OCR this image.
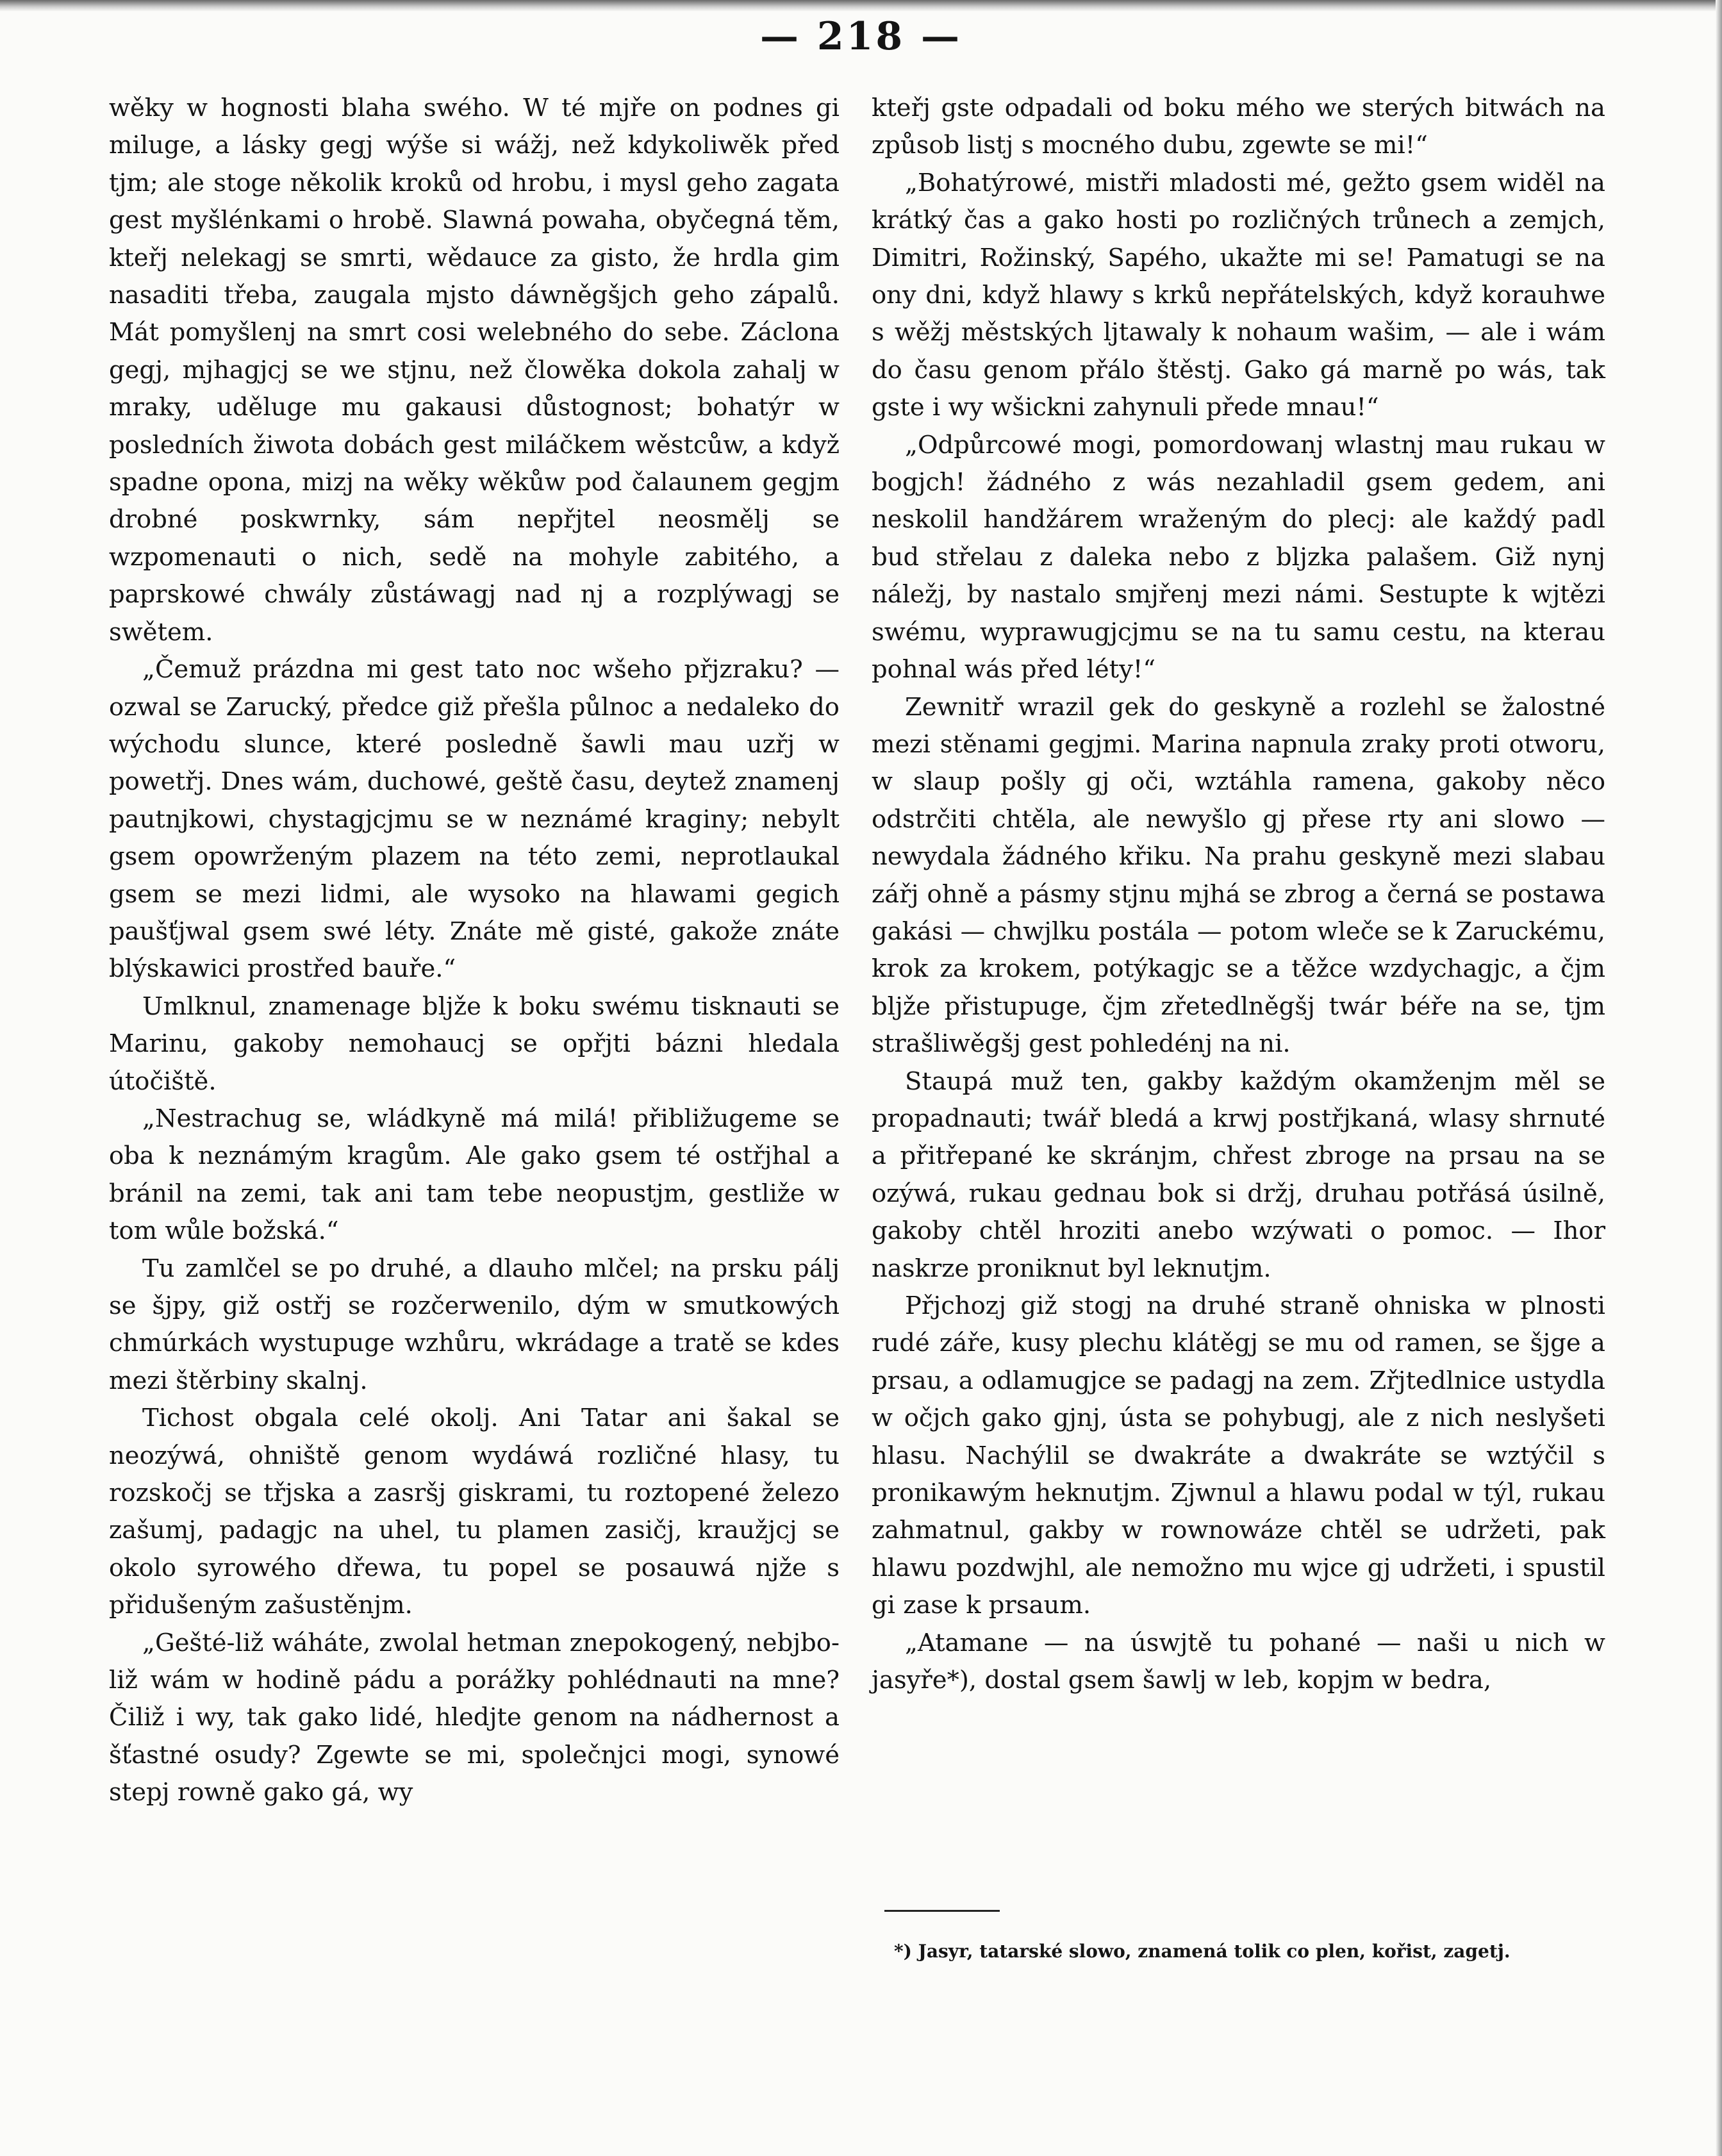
— 218 —

wěky w hognosti blaha swého. W té mjře on podnes gi miluge, a lásky gegj wýše si wážj, než kdykoliwěk před tjm; ale stoge několik kroků od hrobu, i mysl geho zagata gest myšlénkami o hrobě. Slawná powaha, obyčegná těm, kteřj nelekagj se smrti, wědauce za gisto, že hrdla gim nasaditi třeba, zaugala mjsto dáwněgšjch geho zápalů. Mát pomyšlenj na smrt cosi welebného do sebe. Záclona gegj, mjhagjcj se we stjnu, než člowěka dokola zahalj w mraky, uděluge mu gakausi důstognost; bohatýr w posledních žiwota dobách gest miláčkem wěstcůw, a když spadne opona, mizj na wěky wěkůw pod čalaunem gegjm drobné poskwrnky, sám nepřjtel neosmělj se wzpomenauti o nich, sedě na mohyle zabitého, a paprskowé chwály zůstáwagj nad nj a rozplýwagj se swětem.

„Čemuž prázdna mi gest tato noc wšeho přjzraku? — ozwal se Zarucký, předce giž přešla půlnoc a nedaleko do wýchodu slunce, které posledně šawli mau uzřj w powetřj. Dnes wám, duchowé, geště času, deytež znamenj pautnjkowi, chystagjcjmu se w neznámé kraginy; nebylt gsem opowrženým plazem na této zemi, neprotlaukal gsem se mezi lidmi, ale wysoko na hlawami gegich paušťjwal gsem swé léty. Znáte mě gisté, gakože znáte blýskawici prostřed bauře.“

Umlknul, znamenage bljže k boku swému tisknauti se Marinu, gakoby nemohaucj se opřjti bázni hledala útočiště.

„Nestrachug se, wládkyně má milá! přibližugeme se oba k neznámým kragům. Ale gako gsem té ostřjhal a bránil na zemi, tak ani tam tebe neopustjm, gestliže w tom wůle božská.“

Tu zamlčel se po druhé, a dlauho mlčel; na prsku pálj se šjpy, giž ostřj se rozčerwenilo, dým w smutkowých chmúrkách wystupuge wzhůru, wkrádage a tratě se kdes mezi štěrbiny skalnj.

Tichost obgala celé okolj. Ani Tatar ani šakal se neozýwá, ohniště genom wydáwá rozličné hlasy, tu rozskočj se třjska a zasršj giskrami, tu roztopené železo zašumj, padagjc na uhel, tu plamen zasičj, kraužjcj se okolo syrowého dřewa, tu popel se posauwá njže s přidušeným zašustěnjm.

„Gešté-liž wáháte, zwolal hetman znepokogený, nebjbo-liž wám w hodině pádu a porážky pohlédnauti na mne? Čiliž i wy, tak gako lidé, hledjte genom na nádhernost a šťastné osudy? Zgewte se mi, společnjci mogi, synowé stepj rowně gako gá, wy

kteřj gste odpadali od boku mého we sterých bitwách na způsob listj s mocného dubu, zgewte se mi!“

„Bohatýrowé, mistři mladosti mé, gežto gsem widěl na krátký čas a gako hosti po rozličných trůnech a zemjch, Dimitri, Rožinský, Sapého, ukažte mi se! Pamatugi se na ony dni, když hlawy s krků nepřátelských, když korauhwe s wěžj městských ljtawaly k nohaum wašim, — ale i wám do času genom přálo štěstj. Gako gá marně po wás, tak gste i wy wšickni zahynuli přede mnau!“

„Odpůrcowé mogi, pomordowanj wlastnj mau rukau w bogjch! žádného z wás nezahladil gsem gedem, ani neskolil handžárem wraženým do plecj: ale každý padl bud střelau z daleka nebo z bljzka palašem. Giž nynj náležj, by nastalo smjřenj mezi námi. Sestupte k wjtězi swému, wyprawugjcjmu se na tu samu cestu, na kterau pohnal wás před léty!“

Zewnitř wrazil gek do geskyně a rozlehl se žalostné mezi stěnami gegjmi. Marina napnula zraky proti otworu, w slaup pošly gj oči, wztáhla ramena, gakoby něco odstrčiti chtěla, ale newyšlo gj přese rty ani slowo — newydala žádného křiku. Na prahu geskyně mezi slabau zářj ohně a pásmy stjnu mjhá se zbrog a černá se postawa gakási — chwjlku postála — potom wleče se k Zaruckému, krok za krokem, potýkagjc se a těžce wzdychagjc, a čjm bljže přistupuge, čjm zřetedlněgšj twár béře na se, tjm strašliwěgšj gest pohledénj na ni.

Staupá muž ten, gakby každým okamženjm měl se propadnauti; twář bledá a krwj postřjkaná, wlasy shrnuté a přitřepané ke skránjm, chřest zbroge na prsau na se ozýwá, rukau gednau bok si držj, druhau potřásá úsilně, gakoby chtěl hroziti anebo wzýwati o pomoc. — Ihor naskrze proniknut byl leknutjm.

Přjchozj giž stogj na druhé straně ohniska w plnosti rudé záře, kusy plechu klátěgj se mu od ramen, se šjge a prsau, a odlamugjce se padagj na zem. Zřjtedlnice ustydla w očjch gako gjnj, ústa se pohybugj, ale z nich neslyšeti hlasu. Nachýlil se dwakráte a dwakráte se wztýčil s pronikawým heknutjm. Zjwnul a hlawu podal w týl, rukau zahmatnul, gakby w rownowáze chtěl se udržeti, pak hlawu pozdwjhl, ale nemožno mu wjce gj udržeti, i spustil gi zase k prsaum.

„Atamane — na úswjtě tu pohané — naši u nich w jasyře*), dostal gsem šawlj w leb, kopjm w bedra,

*) Jasyr, tatarské slowo, znamená tolik co plen, kořist, zagetj.
